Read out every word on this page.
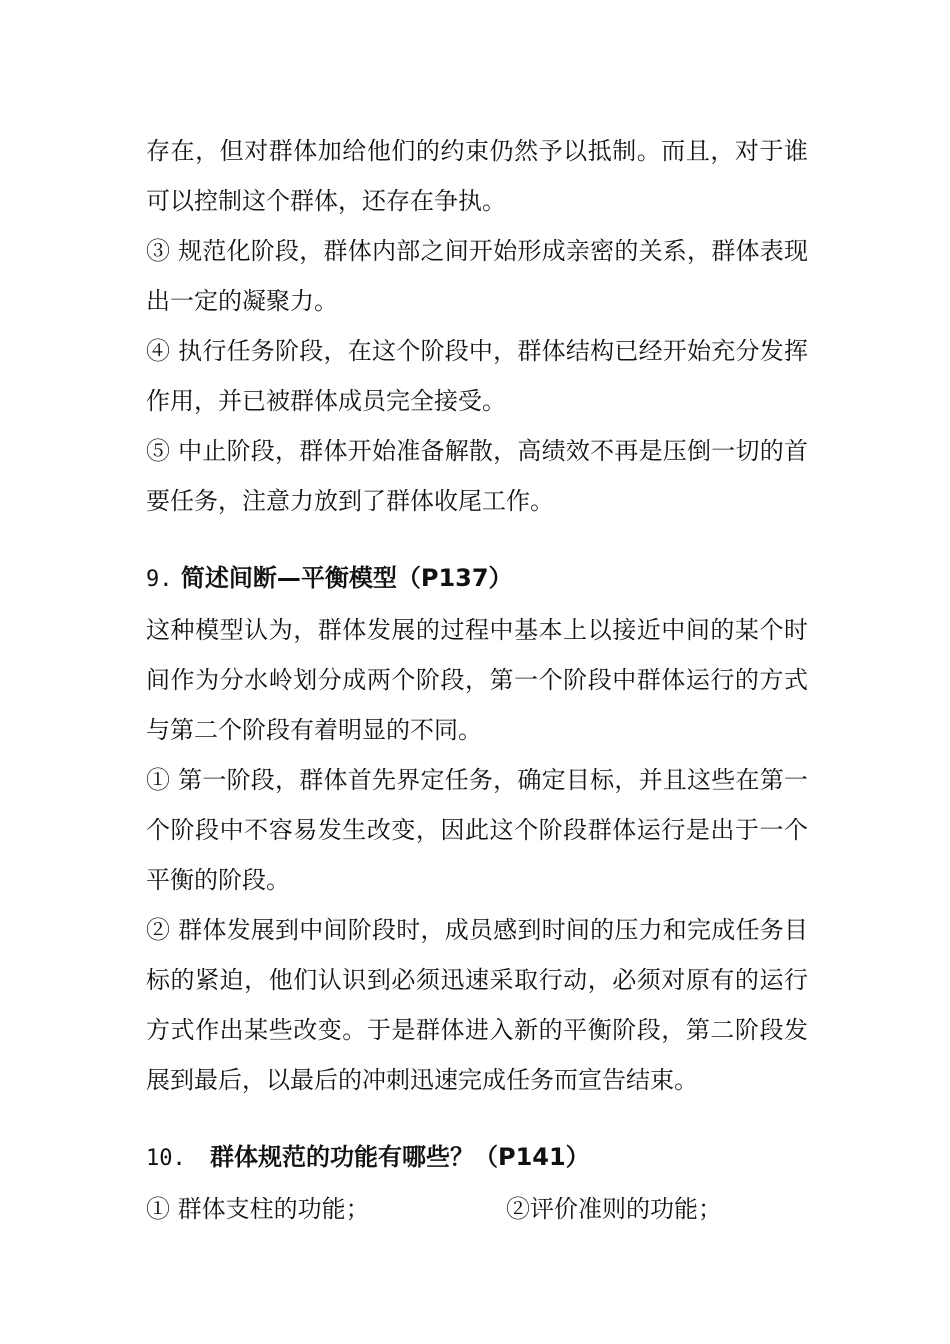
存在，但对群体加给他们的约束仍然予以抵制。而且，对于谁可以控制这个群体，还存在争执。

③ 规范化阶段，群体内部之间开始形成亲密的关系，群体表现出一定的凝聚力。

④ 执行任务阶段，在这个阶段中，群体结构已经开始充分发挥作用，并已被群体成员完全接受。

⑤ 中止阶段，群体开始准备解散，高绩效不再是压倒一切的首要任务，注意力放到了群体收尾工作。

9. 简述间断—平衡模型（P137）

这种模型认为，群体发展的过程中基本上以接近中间的某个时间作为分水岭划分成两个阶段，第一个阶段中群体运行的方式与第二个阶段有着明显的不同。

① 第一阶段，群体首先界定任务，确定目标，并且这些在第一个阶段中不容易发生改变，因此这个阶段群体运行是出于一个平衡的阶段。

② 群体发展到中间阶段时，成员感到时间的压力和完成任务目标的紧迫，他们认识到必须迅速采取行动，必须对原有的运行方式作出某些改变。于是群体进入新的平衡阶段，第二阶段发展到最后，以最后的冲刺迅速完成任务而宣告结束。

10. 群体规范的功能有哪些？（P141）

① 群体支柱的功能；	②评价准则的功能；
